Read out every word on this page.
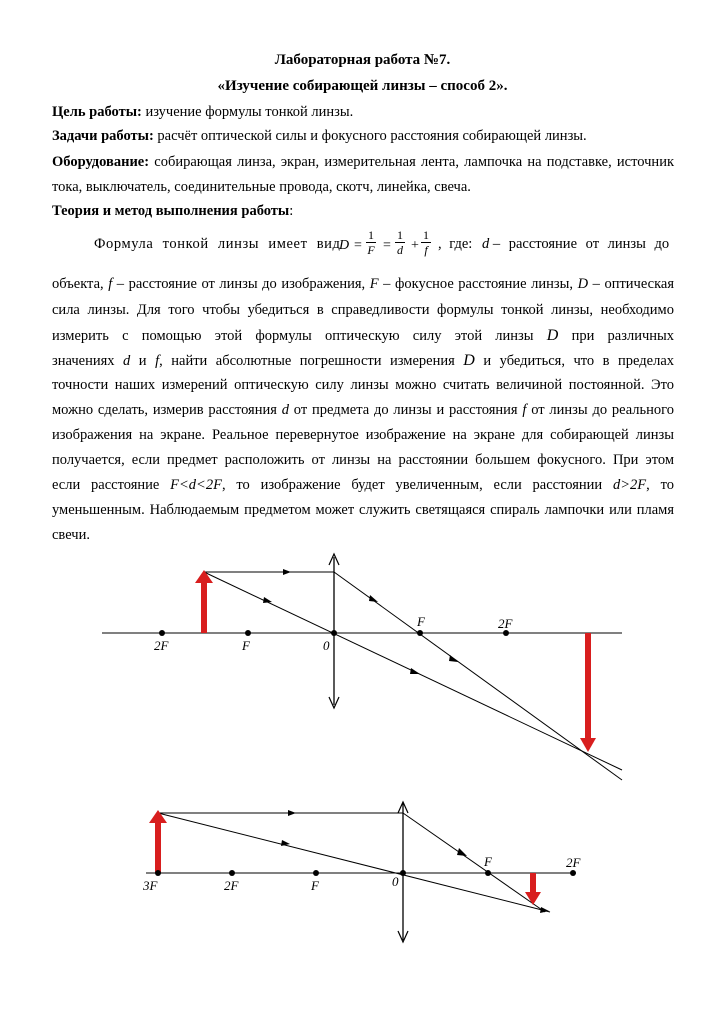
Лабораторная работа №7.
«Изучение собирающей линзы – способ 2».
Цель работы: изучение формулы тонкой линзы.
Задачи работы: расчёт оптической силы и фокусного расстояния собирающей линзы.
Оборудование: собирающая линза, экран, измерительная лента, лампочка на подставке, источник
тока, выключатель, соединительные провода, скотч, линейка, свеча.
Теория и метод выполнения работы:
Формула тонкой линзы имеет вид
$D = \frac{1}{F} = \frac{1}{d} + \frac{1}{f}$ , где: d – расстояние от линзы до
объекта, f – расстояние от линзы до изображения, F – фокусное расстояние линзы, D – оптическая
сила линзы. Для того чтобы убедиться в справедливости формулы тонкой линзы, необходимо
измерить с помощью этой формулы оптическую силу этой линзы D при различных
значениях d и f, найти абсолютные погрешности измерения D и убедиться, что в пределах
точности наших измерений оптическую силу линзы можно считать величиной постоянной. Это
можно сделать, измерив расстояния d от предмета до линзы и расстояния f от линзы до реального
изображения на экране. Реальное перевернутое изображение на экране для собирающей линзы
получается, если предмет расположить от линзы на расстоянии большем фокусного. При этом
если расстояние F<d<2F, то изображение будет увеличенным, если расстоянии d>2F, то
уменьшенным. Наблюдаемым предметом может служить светящаяся спираль лампочки или пламя
свечи.
2F	F	0
F	2F
3F	2F	F	0
F	2F
